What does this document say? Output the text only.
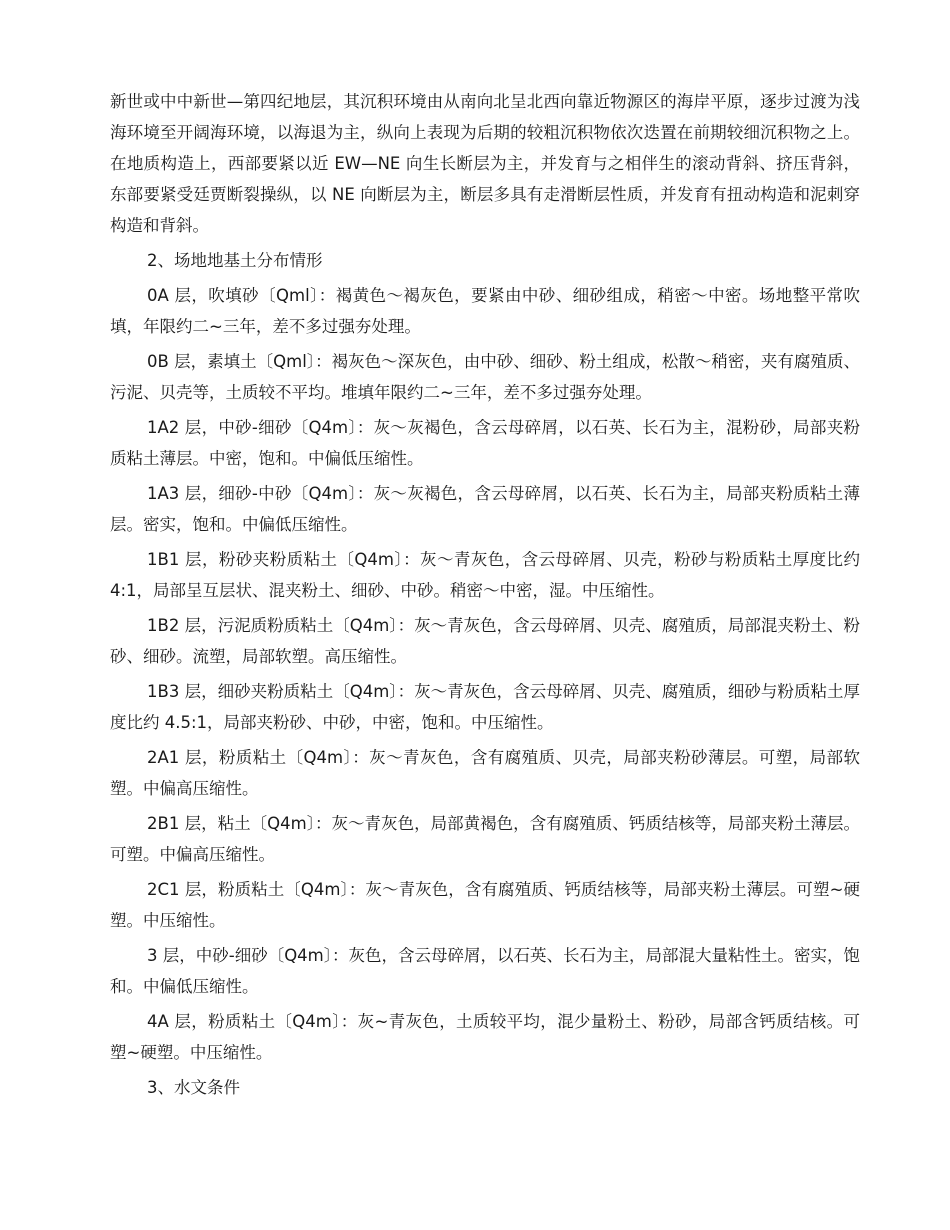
新世或中中新世—第四纪地层，其沉积环境由从南向北呈北西向靠近物源区的海岸平原，逐步过渡为浅海环境至开阔海环境，以海退为主，纵向上表现为后期的较粗沉积物依次迭置在前期较细沉积物之上。在地质构造上，西部要紧以近 EW—NE 向生长断层为主，并发育与之相伴生的滚动背斜、挤压背斜，东部要紧受廷贾断裂操纵，以 NE 向断层为主，断层多具有走滑断层性质，并发育有扭动构造和泥刺穿构造和背斜。

2、场地地基土分布情形

0A 层，吹填砂〔Qml〕：褐黄色～褐灰色，要紧由中砂、细砂组成，稍密～中密。场地整平常吹填，年限约二~三年，差不多过强夯处理。

0B 层，素填土〔Qml〕：褐灰色～深灰色，由中砂、细砂、粉土组成，松散～稍密，夹有腐殖质、污泥、贝壳等，土质较不平均。堆填年限约二~三年，差不多过强夯处理。

1A2 层，中砂-细砂〔Q4m〕：灰～灰褐色，含云母碎屑，以石英、长石为主，混粉砂，局部夹粉质粘土薄层。中密，饱和。中偏低压缩性。

1A3 层，细砂-中砂〔Q4m〕：灰～灰褐色，含云母碎屑，以石英、长石为主，局部夹粉质粘土薄层。密实，饱和。中偏低压缩性。

1B1 层，粉砂夹粉质粘土〔Q4m〕：灰～青灰色，含云母碎屑、贝壳，粉砂与粉质粘土厚度比约 4:1，局部呈互层状、混夹粉土、细砂、中砂。稍密～中密，湿。中压缩性。

1B2 层，污泥质粉质粘土〔Q4m〕：灰～青灰色，含云母碎屑、贝壳、腐殖质，局部混夹粉土、粉砂、细砂。流塑，局部软塑。高压缩性。

1B3 层，细砂夹粉质粘土〔Q4m〕：灰～青灰色，含云母碎屑、贝壳、腐殖质，细砂与粉质粘土厚度比约 4.5:1，局部夹粉砂、中砂，中密，饱和。中压缩性。

2A1 层，粉质粘土〔Q4m〕：灰～青灰色，含有腐殖质、贝壳，局部夹粉砂薄层。可塑，局部软塑。中偏高压缩性。

2B1 层，粘土〔Q4m〕：灰～青灰色，局部黄褐色，含有腐殖质、钙质结核等，局部夹粉土薄层。可塑。中偏高压缩性。

2C1 层，粉质粘土〔Q4m〕：灰～青灰色，含有腐殖质、钙质结核等，局部夹粉土薄层。可塑~硬塑。中压缩性。

3 层，中砂-细砂〔Q4m〕：灰色，含云母碎屑，以石英、长石为主，局部混大量粘性土。密实，饱和。中偏低压缩性。

4A 层，粉质粘土〔Q4m〕：灰~青灰色，土质较平均，混少量粉土、粉砂，局部含钙质结核。可塑~硬塑。中压缩性。

3、水文条件
